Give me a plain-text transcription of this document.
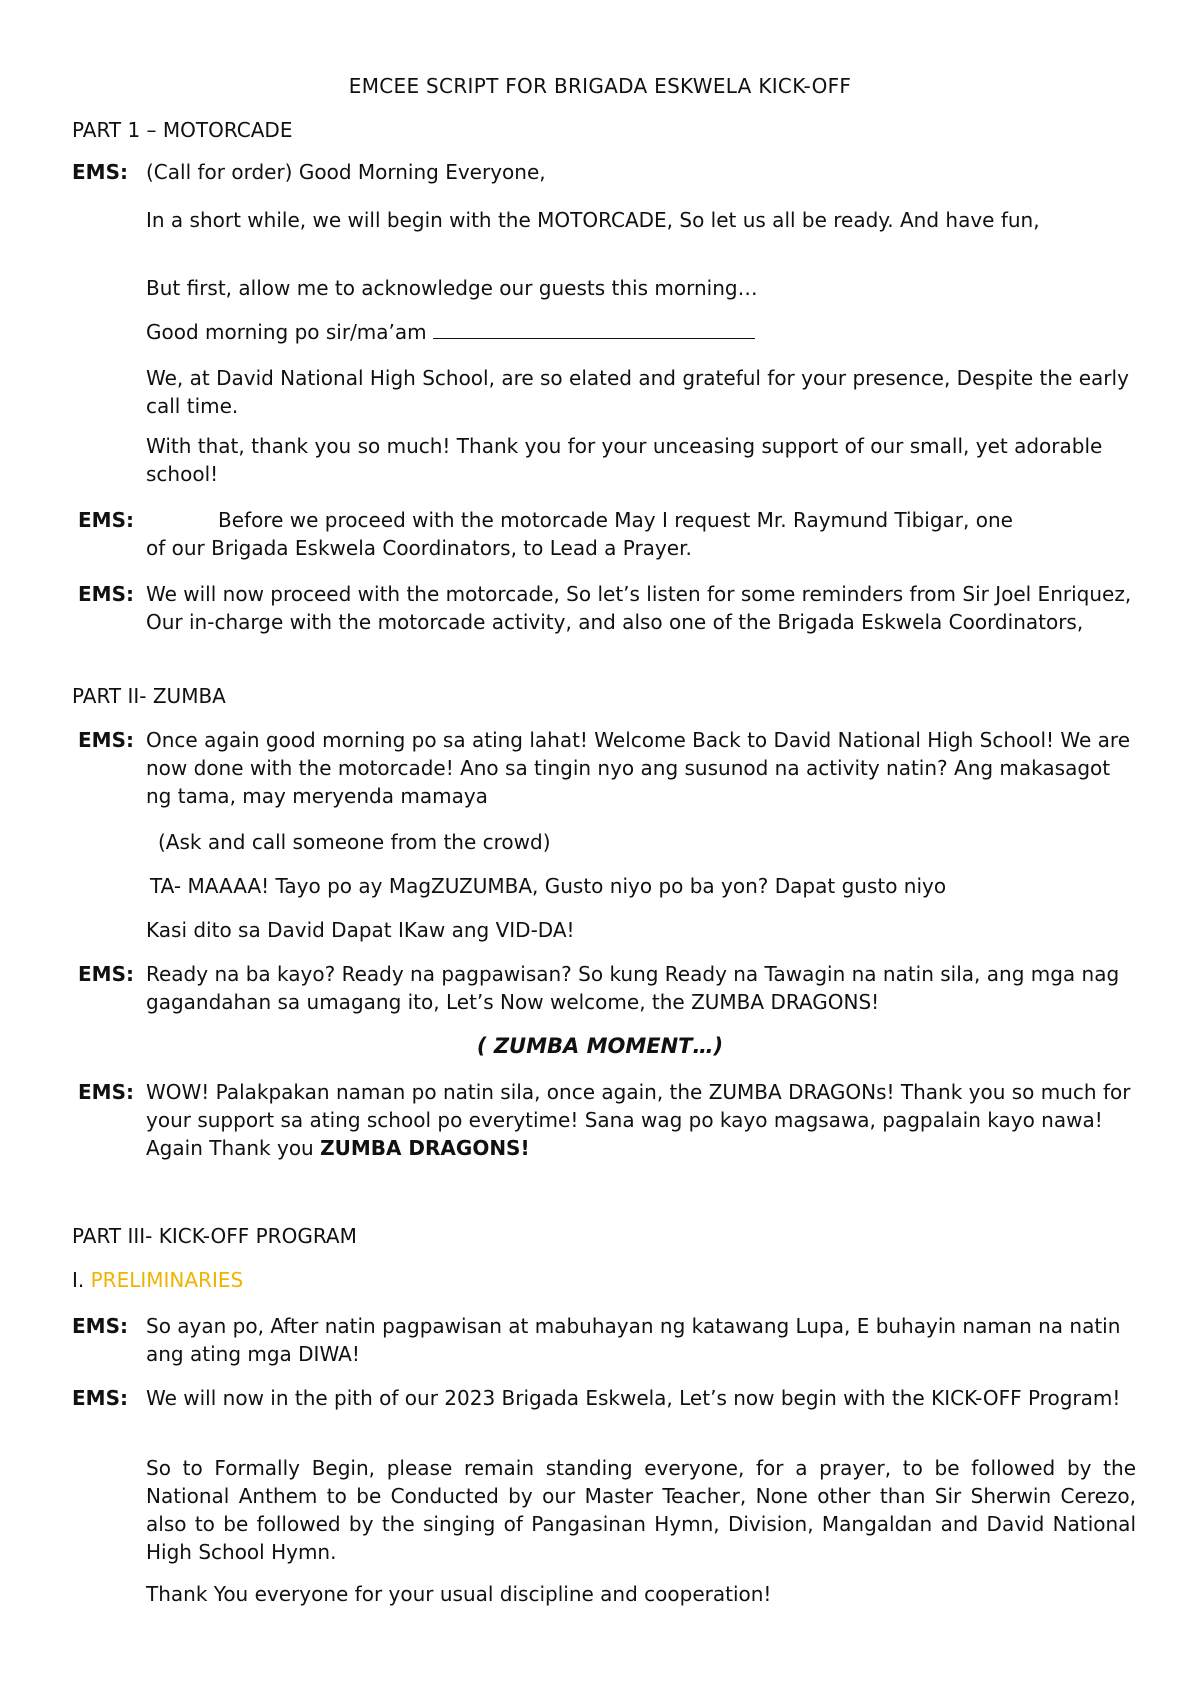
EMCEE SCRIPT FOR BRIGADA ESKWELA KICK-OFF
PART 1 – MOTORCADE
EMS: (Call for order) Good Morning Everyone,
In a short while, we will begin with the MOTORCADE, So let us all be ready. And have fun,
But first, allow me to acknowledge our guests this morning…
Good morning po sir/ma’am
We, at David National High School, are so elated and grateful for your presence, Despite the early call time.
With that, thank you so much! Thank you for your unceasing support of our small, yet adorable school!
EMS:	Before we proceed with the motorcade May I request Mr. Raymund Tibigar, one
of our Brigada Eskwela Coordinators, to Lead a Prayer.
EMS: We will now proceed with the motorcade, So let’s listen for some reminders from Sir Joel Enriquez, Our in-charge with the motorcade activity, and also one of the Brigada Eskwela Coordinators,
PART II- ZUMBA
EMS: Once again good morning po sa ating lahat! Welcome Back to David National High School! We are now done with the motorcade! Ano sa tingin nyo ang susunod na activity natin? Ang makasagot ng tama, may meryenda mamaya
(Ask and call someone from the crowd)
TA- MAAAA! Tayo po ay MagZUZUMBA, Gusto niyo po ba yon? Dapat gusto niyo
Kasi dito sa David Dapat IKaw ang VID-DA!
EMS: Ready na ba kayo? Ready na pagpawisan? So kung Ready na Tawagin na natin sila, ang mga nag gagandahan sa umagang ito, Let’s Now welcome, the ZUMBA DRAGONS!
( ZUMBA MOMENT…)
EMS: WOW! Palakpakan naman po natin sila, once again, the ZUMBA DRAGONs! Thank you so much for your support sa ating school po everytime! Sana wag po kayo magsawa, pagpalain kayo nawa! Again Thank you ZUMBA DRAGONS!
PART III- KICK-OFF PROGRAM
I. PRELIMINARIES
EMS: So ayan po, After natin pagpawisan at mabuhayan ng katawang Lupa, E buhayin naman na natin ang ating mga DIWA!
EMS: We will now in the pith of our 2023 Brigada Eskwela, Let’s now begin with the KICK-OFF Program!
So to Formally Begin, please remain standing everyone, for a prayer, to be followed by the National Anthem to be Conducted by our Master Teacher, None other than Sir Sherwin Cerezo, also to be followed by the singing of Pangasinan Hymn, Division, Mangaldan and David National High School Hymn.
Thank You everyone for your usual discipline and cooperation!
